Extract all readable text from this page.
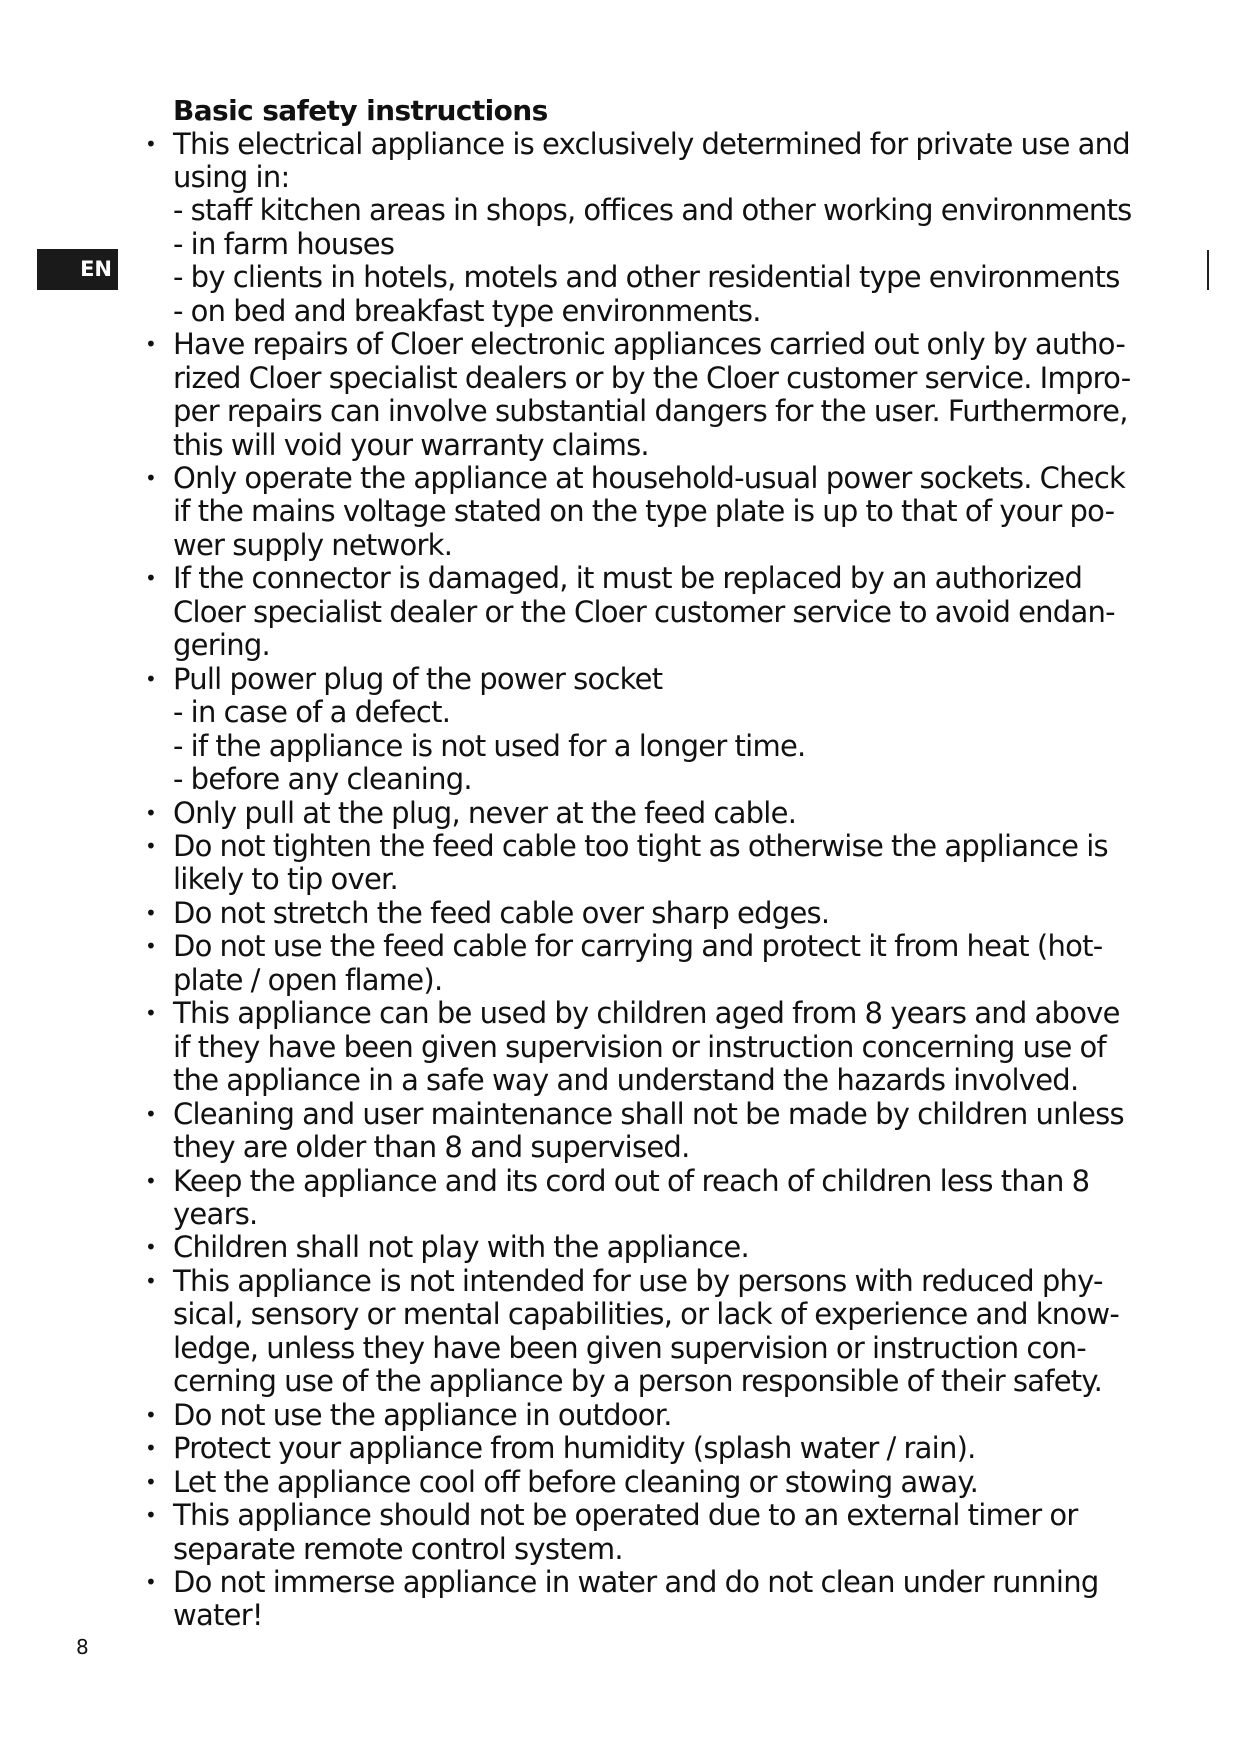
EN
Basic safety instructions
• This electrical appliance is exclusively determined for private use and
using in:
- staff kitchen areas in shops, offices and other working environments
- in farm houses
- by clients in hotels, motels and other residential type environments
- on bed and breakfast type environments.
• Have repairs of Cloer electronic appliances carried out only by autho-
rized Cloer specialist dealers or by the Cloer customer service. Impro-
per repairs can involve substantial dangers for the user. Furthermore,
this will void your warranty claims.
• Only operate the appliance at household-usual power sockets. Check
if the mains voltage stated on the type plate is up to that of your po-
wer supply network.
• If the connector is damaged, it must be replaced by an authorized
Cloer specialist dealer or the Cloer customer service to avoid endan-
gering.
• Pull power plug of the power socket
- in case of a defect.
- if the appliance is not used for a longer time.
- before any cleaning.
• Only pull at the plug, never at the feed cable.
• Do not tighten the feed cable too tight as otherwise the appliance is
likely to tip over.
• Do not stretch the feed cable over sharp edges.
• Do not use the feed cable for carrying and protect it from heat (hot-
plate / open flame).
• This appliance can be used by children aged from 8 years and above
if they have been given supervision or instruction concerning use of
the appliance in a safe way and understand the hazards involved.
• Cleaning and user maintenance shall not be made by children unless
they are older than 8 and supervised.
• Keep the appliance and its cord out of reach of children less than 8
years.
• Children shall not play with the appliance.
• This appliance is not intended for use by persons with reduced phy-
sical, sensory or mental capabilities, or lack of experience and know-
ledge, unless they have been given supervision or instruction con-
cerning use of the appliance by a person responsible of their safety.
• Do not use the appliance in outdoor.
• Protect your appliance from humidity (splash water / rain).
• Let the appliance cool off before cleaning or stowing away.
• This appliance should not be operated due to an external timer or
separate remote control system.
• Do not immerse appliance in water and do not clean under running
water!
8
